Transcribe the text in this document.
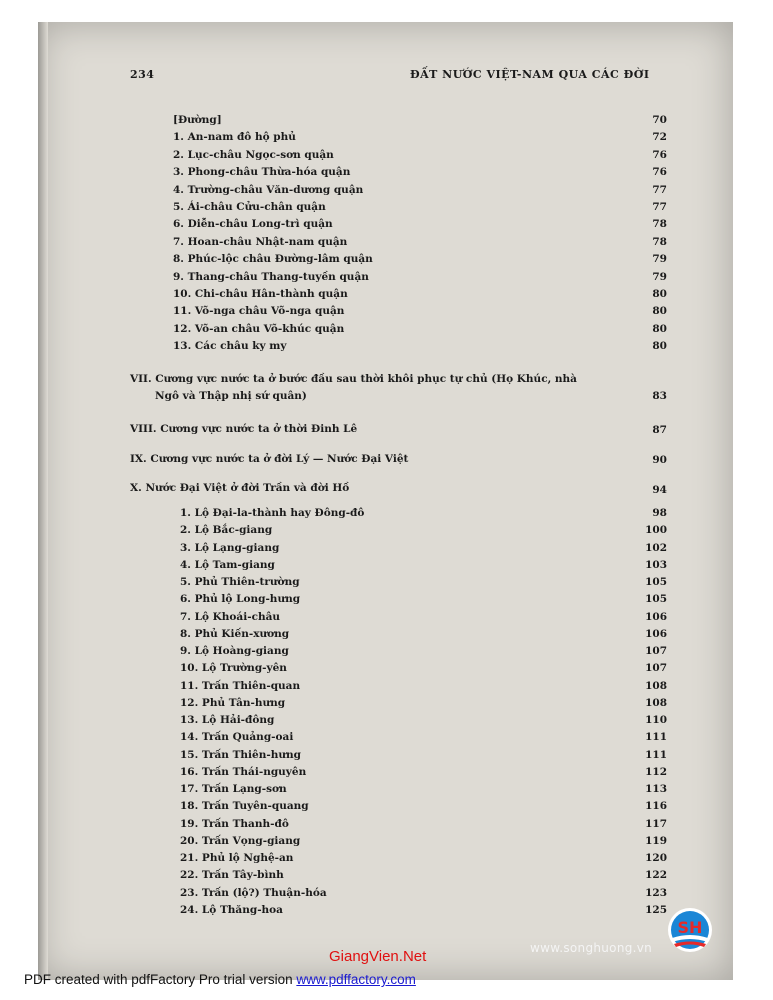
234	ĐẤT NƯỚC VIỆT-NAM QUA CÁC ĐỜI
[Đường]	70
1. An-nam đô hộ phủ	72
2. Lục-châu Ngọc-sơn quận	76
3. Phong-châu Thừa-hóa quận	76
4. Trường-châu Văn-dương quận	77
5. Ái-châu Cửu-chân quận	77
6. Diễn-châu Long-trì quận	78
7. Hoan-châu Nhật-nam quận	78
8. Phúc-lộc châu Đường-lâm quận	79
9. Thang-châu Thang-tuyền quận	79
10. Chi-châu Hân-thành quận	80
11. Võ-nga châu Võ-nga quận	80
12. Võ-an châu Võ-khúc quận	80
13. Các châu ky my	80
VII. Cương vực nước ta ở bước đầu sau thời khôi phục tự chủ (Họ Khúc, nhà
Ngô và Thập nhị sứ quân)	83
VIII. Cương vực nước ta ở thời Đinh Lê	87
IX. Cương vực nước ta ở đời Lý — Nước Đại Việt	90
X. Nước Đại Việt ở đời Trần và đời Hồ	94
1. Lộ Đại-la-thành hay Đông-đô	98
2. Lộ Bắc-giang	100
3. Lộ Lạng-giang	102
4. Lộ Tam-giang	103
5. Phủ Thiên-trường	105
6. Phủ lộ Long-hưng	105
7. Lộ Khoái-châu	106
8. Phủ Kiến-xương	106
9. Lộ Hoàng-giang	107
10. Lộ Trường-yên	107
11. Trấn Thiên-quan	108
12. Phủ Tân-hưng	108
13. Lộ Hải-đông	110
14. Trấn Quảng-oai	111
15. Trấn Thiên-hưng	111
16. Trấn Thái-nguyên	112
17. Trấn Lạng-sơn	113
18. Trấn Tuyên-quang	116
19. Trấn Thanh-đô	117
20. Trấn Vọng-giang	119
21. Phủ lộ Nghệ-an	120
22. Trấn Tây-bình	122
23. Trấn (lộ?) Thuận-hóa	123
24. Lộ Thăng-hoa	125
GiangVien.Net	www.songhuong.vn
SH
PDF created with pdfFactory Pro trial version www.pdffactory.com
